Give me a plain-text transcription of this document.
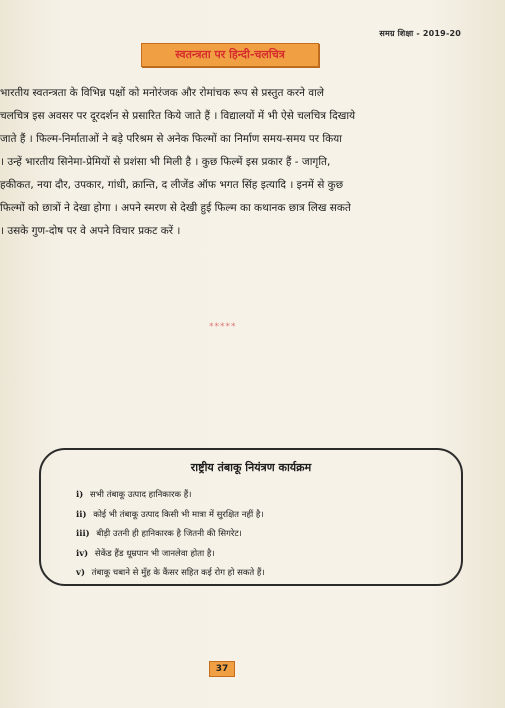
समग्र शिक्षा - 2019-20
स्वतन्त्रता पर हिन्दी-चलचित्र
भारतीय स्वतन्त्रता के विभिन्न पक्षों को मनोरंजक और रोमांचक रूप से प्रस्तुत करने वाले
चलचित्र इस अवसर पर दूरदर्शन से प्रसारित किये जाते हैं । विद्यालयों में भी ऐसे चलचित्र दिखाये
जाते हैं । फिल्म-निर्माताओं ने बड़े परिश्रम से अनेक फिल्मों का निर्माण समय-समय पर किया
। उन्हें भारतीय सिनेमा-प्रेमियों से प्रशंसा भी मिली है । कुछ फिल्में इस प्रकार हैं - जागृति,
हकीकत, नया दौर, उपकार, गांधी, क्रान्ति, द लीजेंड ऑफ भगत सिंह इत्यादि । इनमें से कुछ
फिल्मों को छात्रों ने देखा होगा । अपने स्मरण से देखी हुई फिल्म का कथानक छात्र लिख सकते
। उसके गुण-दोष पर वे अपने विचार प्रकट करें ।
*****
राष्ट्रीय तंबाकू नियंत्रण कार्यक्रम
i) सभी तंबाकू उत्पाद हानिकारक हैं।
ii) कोई भी तंबाकू उत्पाद किसी भी मात्रा में सुरक्षित नहीं है।
iii) बीड़ी उतनी ही हानिकारक है जितनी की सिगरेट।
iv) सेकेंड हैंड धूम्रपान भी जानलेवा होता है।
v) तंबाकू चबाने से मुँह के कैंसर सहित कई रोग हो सकते हैं।
37
